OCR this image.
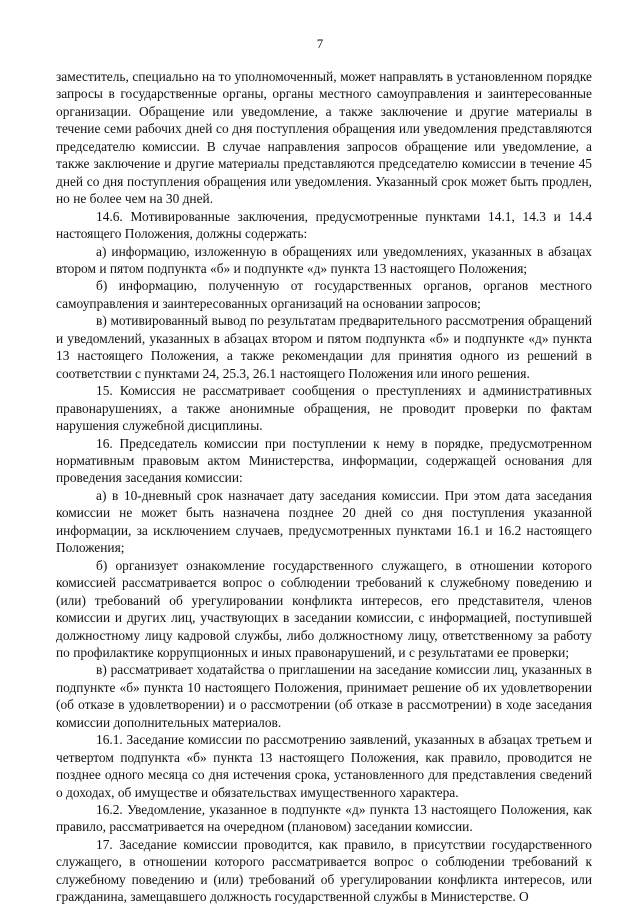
7

заместитель, специально на то уполномоченный, может направлять в установленном порядке запросы в государственные органы, органы местного самоуправления и заинтересованные организации. Обращение или уведомление, а также заключение и другие материалы в течение семи рабочих дней со дня поступления обращения или уведомления представляются председателю комиссии. В случае направления запросов обращение или уведомление, а также заключение и другие материалы представляются председателю комиссии в течение 45 дней со дня поступления обращения или уведомления. Указанный срок может быть продлен, но не более чем на 30 дней.

14.6. Мотивированные заключения, предусмотренные пунктами 14.1, 14.3 и 14.4 настоящего Положения, должны содержать:

а) информацию, изложенную в обращениях или уведомлениях, указанных в абзацах втором и пятом подпункта «б» и подпункте «д» пункта 13 настоящего Положения;

б) информацию, полученную от государственных органов, органов местного самоуправления и заинтересованных организаций на основании запросов;

в) мотивированный вывод по результатам предварительного рассмотрения обращений и уведомлений, указанных в абзацах втором и пятом подпункта «б» и подпункте «д» пункта 13 настоящего Положения, а также рекомендации для принятия одного из решений в соответствии с пунктами 24, 25.3, 26.1 настоящего Положения или иного решения.

15. Комиссия не рассматривает сообщения о преступлениях и административных правонарушениях, а также анонимные обращения, не проводит проверки по фактам нарушения служебной дисциплины.

16. Председатель комиссии при поступлении к нему в порядке, предусмотренном нормативным правовым актом Министерства, информации, содержащей основания для проведения заседания комиссии:

а) в 10-дневный срок назначает дату заседания комиссии. При этом дата заседания комиссии не может быть назначена позднее 20 дней со дня поступления указанной информации, за исключением случаев, предусмотренных пунктами 16.1 и 16.2 настоящего Положения;

б) организует ознакомление государственного служащего, в отношении которого комиссией рассматривается вопрос о соблюдении требований к служебному поведению и (или) требований об урегулировании конфликта интересов, его представителя, членов комиссии и других лиц, участвующих в заседании комиссии, с информацией, поступившей должностному лицу кадровой службы, либо должностному лицу, ответственному за работу по профилактике коррупционных и иных правонарушений, и с результатами ее проверки;

в) рассматривает ходатайства о приглашении на заседание комиссии лиц, указанных в подпункте «б» пункта 10 настоящего Положения, принимает решение об их удовлетворении (об отказе в удовлетворении) и о рассмотрении (об отказе в рассмотрении) в ходе заседания комиссии дополнительных материалов.

16.1. Заседание комиссии по рассмотрению заявлений, указанных в абзацах третьем и четвертом подпункта «б» пункта 13 настоящего Положения, как правило, проводится не позднее одного месяца со дня истечения срока, установленного для представления сведений о доходах, об имуществе и обязательствах имущественного характера.

16.2. Уведомление, указанное в подпункте «д» пункта 13 настоящего Положения, как правило, рассматривается на очередном (плановом) заседании комиссии.

17. Заседание комиссии проводится, как правило, в присутствии государственного служащего, в отношении которого рассматривается вопрос о соблюдении требований к служебному поведению и (или) требований об урегулировании конфликта интересов, или гражданина, замещавшего должность государственной службы в Министерстве. О
